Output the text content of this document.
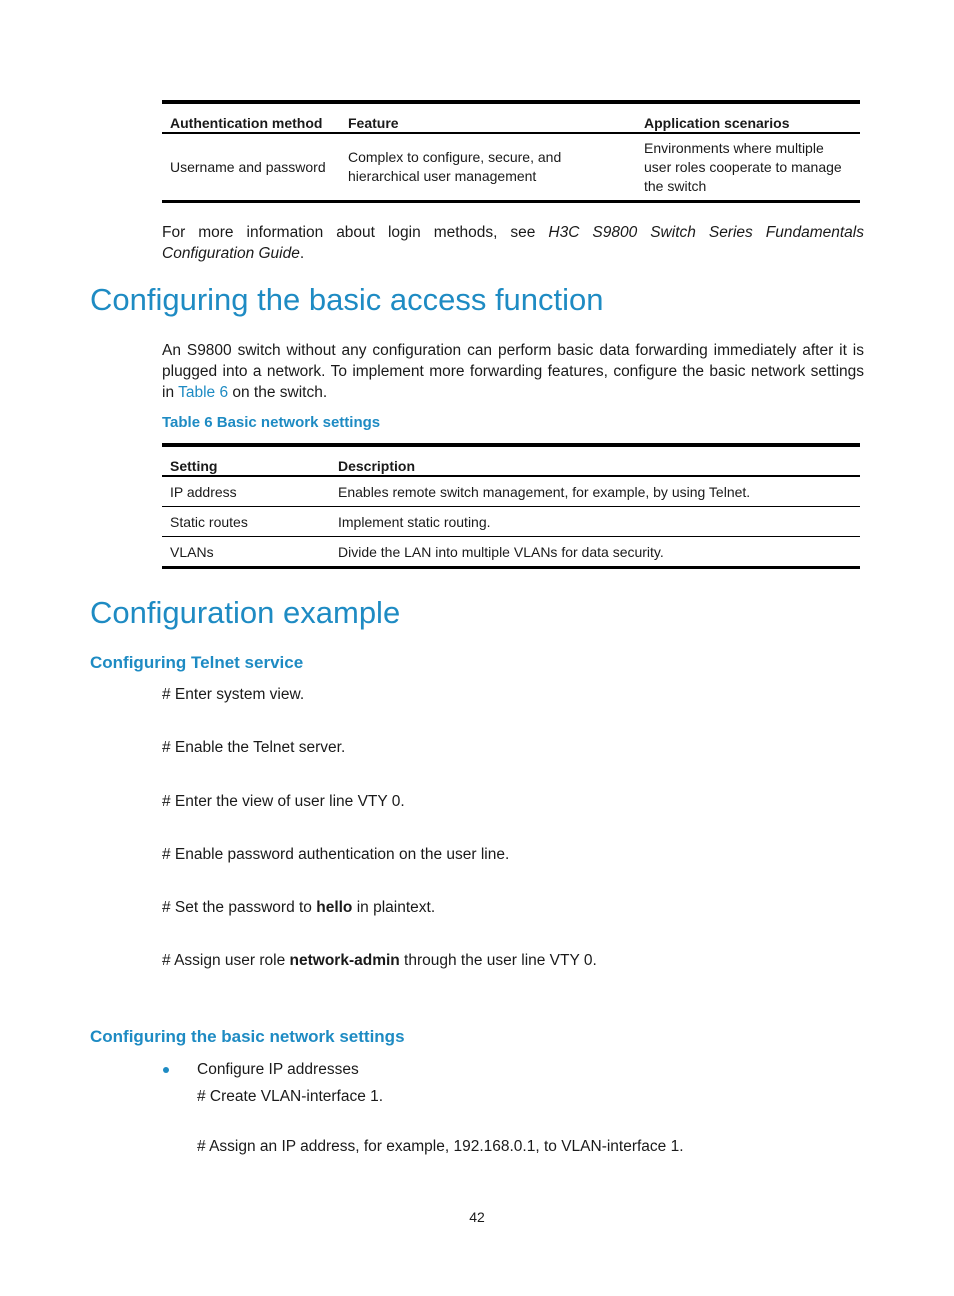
Authentication method	Feature	Application scenarios
Username and password	Complex to configure, secure, and hierarchical user management	Environments where multiple user roles cooperate to manage the switch
For more information about login methods, see H3C S9800 Switch Series Fundamentals Configuration Guide.
Configuring the basic access function
An S9800 switch without any configuration can perform basic data forwarding immediately after it is plugged into a network. To implement more forwarding features, configure the basic network settings in Table 6 on the switch.
Table 6 Basic network settings
Setting	Description
IP address	Enables remote switch management, for example, by using Telnet.
Static routes	Implement static routing.
VLANs	Divide the LAN into multiple VLANs for data security.
Configuration example
Configuring Telnet service
# Enter system view.
# Enable the Telnet server.
# Enter the view of user line VTY 0.
# Enable password authentication on the user line.
# Set the password to hello in plaintext.
# Assign user role network-admin through the user line VTY 0.
Configuring the basic network settings
Configure IP addresses
# Create VLAN-interface 1.
# Assign an IP address, for example, 192.168.0.1, to VLAN-interface 1.
42
